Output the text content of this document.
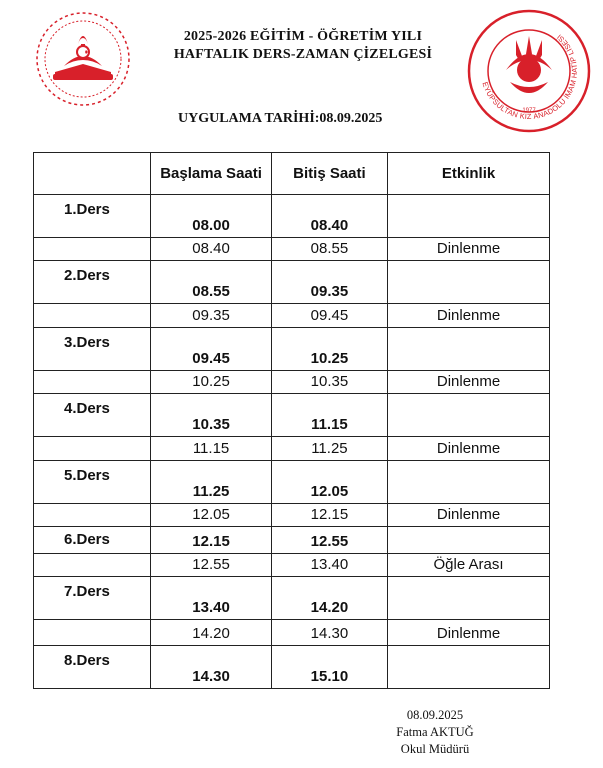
2025-2026 EĞİTİM - ÖĞRETİM YILI
HAFTALIK DERS-ZAMAN ÇİZELGESİ
EYÜPSULTAN KIZ ANADOLU İMAM HATİP LİSESİ
1977
UYGULAMA TARİHİ:08.09.2025
	Başlama Saati	Bitiş Saati	Etkinlik
1.Ders	08.00	08.40	
	08.40	08.55	Dinlenme
2.Ders	08.55	09.35	
	09.35	09.45	Dinlenme
3.Ders	09.45	10.25	
	10.25	10.35	Dinlenme
4.Ders	10.35	11.15	
	11.15	11.25	Dinlenme
5.Ders	11.25	12.05	
	12.05	12.15	Dinlenme
6.Ders	12.15	12.55	
	12.55	13.40	Öğle Arası
7.Ders	13.40	14.20	
	14.20	14.30	Dinlenme
8.Ders	14.30	15.10	
08.09.2025
Fatma AKTUĞ
Okul Müdürü
